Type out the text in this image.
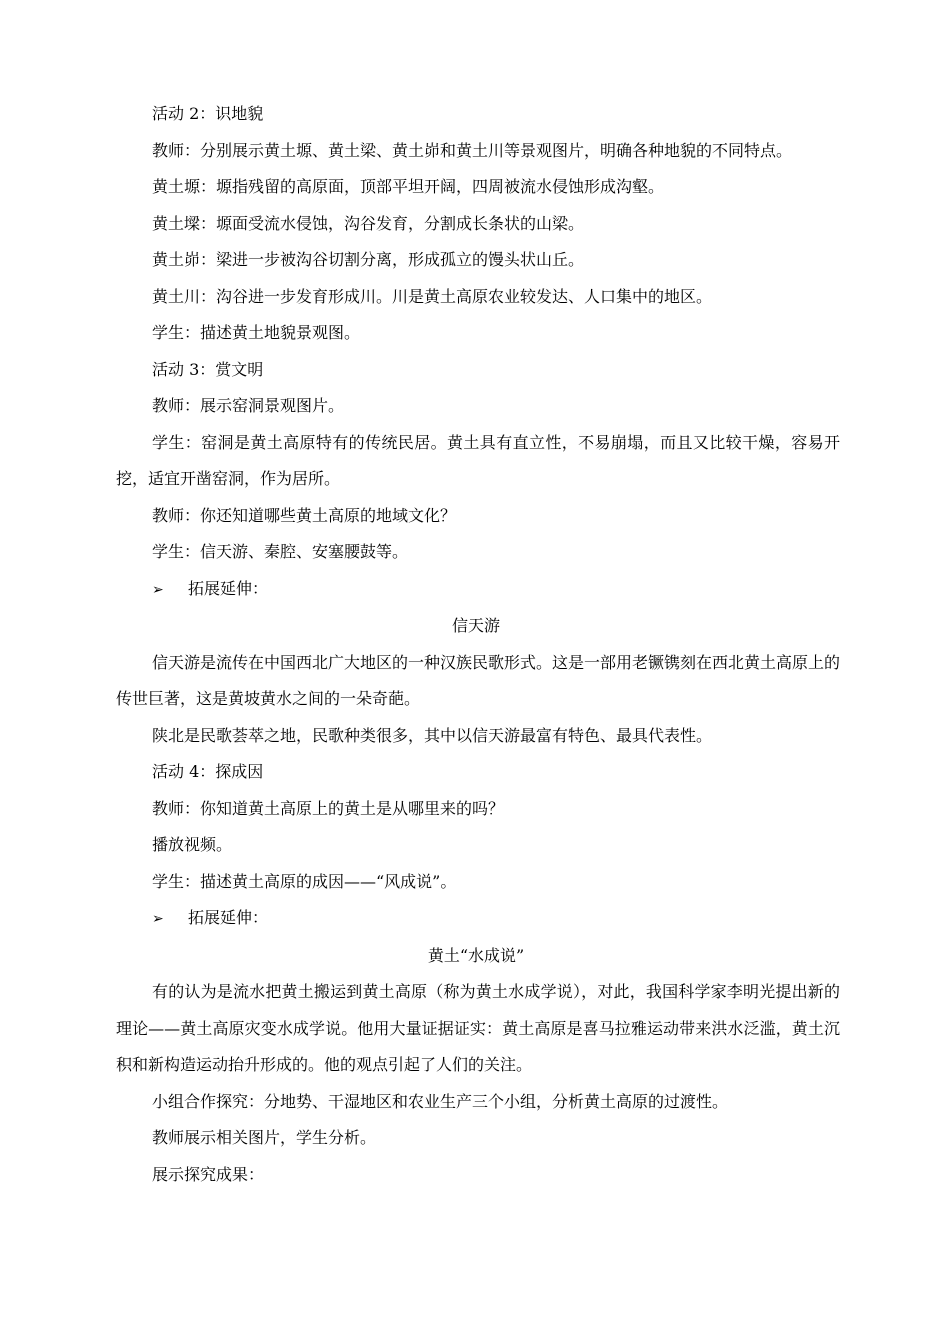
活动 2：识地貌

教师：分别展示黄土塬、黄土梁、黄土峁和黄土川等景观图片，明确各种地貌的不同特点。

黄土塬：塬指残留的高原面，顶部平坦开阔，四周被流水侵蚀形成沟壑。

黄土墚：塬面受流水侵蚀，沟谷发育，分割成长条状的山梁。

黄土峁：梁进一步被沟谷切割分离，形成孤立的馒头状山丘。

黄土川：沟谷进一步发育形成川。川是黄土高原农业较发达、人口集中的地区。

学生：描述黄土地貌景观图。

活动 3：赏文明

教师：展示窑洞景观图片。

学生：窑洞是黄土高原特有的传统民居。黄土具有直立性，不易崩塌，而且又比较干燥，容易开挖，适宜开凿窑洞，作为居所。

教师：你还知道哪些黄土高原的地域文化？

学生：信天游、秦腔、安塞腰鼓等。

➢ 拓展延伸：

信天游

信天游是流传在中国西北广大地区的一种汉族民歌形式。这是一部用老镢镌刻在西北黄土高原上的传世巨著，这是黄坡黄水之间的一朵奇葩。

陕北是民歌荟萃之地，民歌种类很多，其中以信天游最富有特色、最具代表性。

活动 4：探成因

教师：你知道黄土高原上的黄土是从哪里来的吗？

播放视频。

学生：描述黄土高原的成因——“风成说”。

➢ 拓展延伸：

黄土“水成说”

有的认为是流水把黄土搬运到黄土高原（称为黄土水成学说），对此，我国科学家李明光提出新的理论——黄土高原灾变水成学说。他用大量证据证实：黄土高原是喜马拉雅运动带来洪水泛滥，黄土沉积和新构造运动抬升形成的。他的观点引起了人们的关注。

小组合作探究：分地势、干湿地区和农业生产三个小组，分析黄土高原的过渡性。

教师展示相关图片，学生分析。

展示探究成果：
